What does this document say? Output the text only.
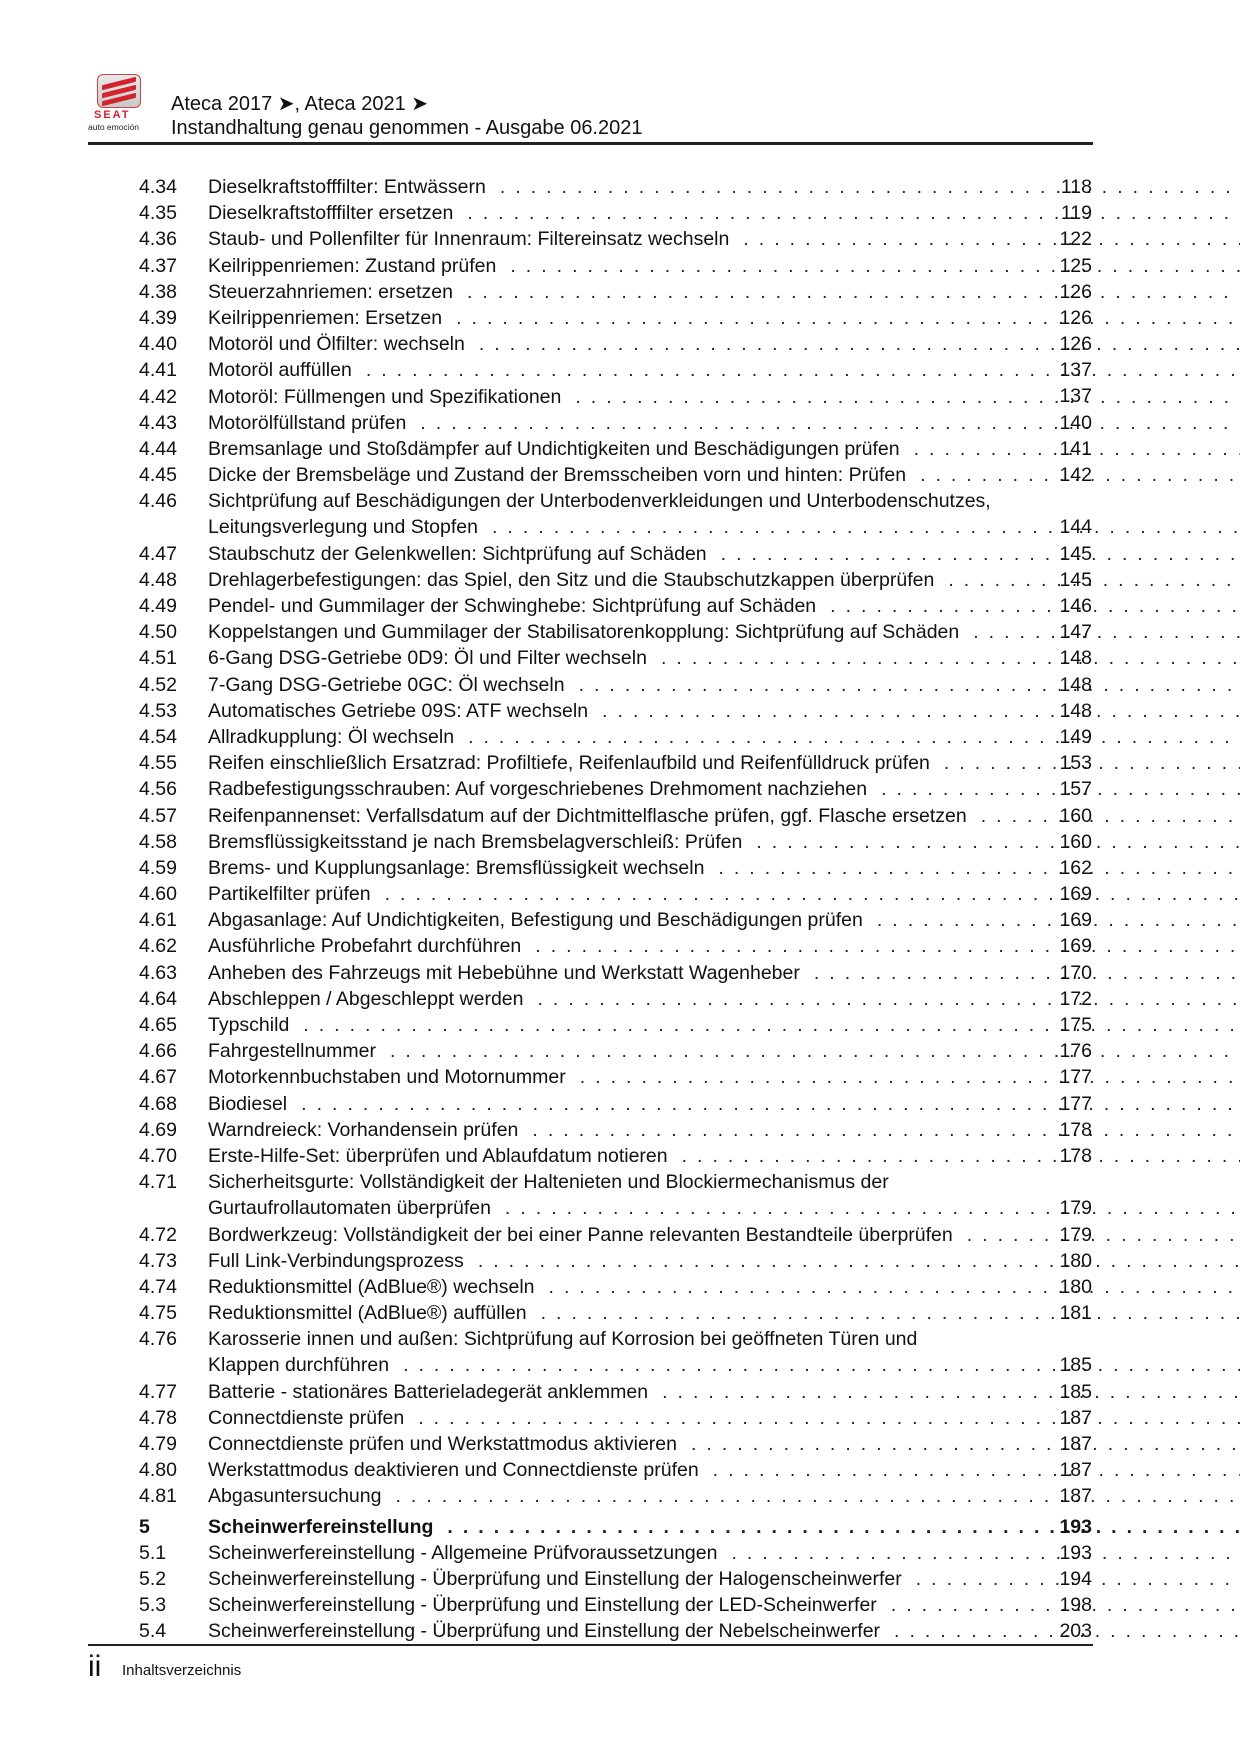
SEAT
auto emoción
Ateca 2017 ➤, Ateca 2021 ➤
Instandhaltung genau genommen - Ausgabe 06.2021
4.34 Dieselkraftstofffilter: Entwässern . . .	118
4.35 Dieselkraftstofffilter ersetzen . . .	119
4.36 Staub- und Pollenfilter für Innenraum: Filtereinsatz wechseln . . .	122
4.37 Keilrippenriemen: Zustand prüfen . . .	125
4.38 Steuerzahnriemen: ersetzen . . .	126
4.39 Keilrippenriemen: Ersetzen . . .	126
4.40 Motoröl und Ölfilter: wechseln . . .	126
4.41 Motoröl auffüllen . . .	137
4.42 Motoröl: Füllmengen und Spezifikationen . . .	137
4.43 Motorölfüllstand prüfen . . .	140
4.44 Bremsanlage und Stoßdämpfer auf Undichtigkeiten und Beschädigungen prüfen . . .	141
4.45 Dicke der Bremsbeläge und Zustand der Bremsscheiben vorn und hinten: Prüfen . . .	142
4.46 Sichtprüfung auf Beschädigungen der Unterbodenverkleidungen und Unterbodenschutzes,
Leitungsverlegung und Stopfen . . .	144
4.47 Staubschutz der Gelenkwellen: Sichtprüfung auf Schäden . . .	145
4.48 Drehlagerbefestigungen: das Spiel, den Sitz und die Staubschutzkappen überprüfen . . .	145
4.49 Pendel- und Gummilager der Schwinghebe: Sichtprüfung auf Schäden . . .	146
4.50 Koppelstangen und Gummilager der Stabilisatorenkopplung: Sichtprüfung auf Schäden . . .	147
4.51 6-Gang DSG-Getriebe 0D9: Öl und Filter wechseln . . .	148
4.52 7-Gang DSG-Getriebe 0GC: Öl wechseln . . .	148
4.53 Automatisches Getriebe 09S: ATF wechseln . . .	148
4.54 Allradkupplung: Öl wechseln . . .	149
4.55 Reifen einschließlich Ersatzrad: Profiltiefe, Reifenlaufbild und Reifenfülldruck prüfen . . .	153
4.56 Radbefestigungsschrauben: Auf vorgeschriebenes Drehmoment nachziehen . . .	157
4.57 Reifenpannenset: Verfallsdatum auf der Dichtmittelflasche prüfen, ggf. Flasche ersetzen . . .	160
4.58 Bremsflüssigkeitsstand je nach Bremsbelagverschleiß: Prüfen . . .	160
4.59 Brems- und Kupplungsanlage: Bremsflüssigkeit wechseln . . .	162
4.60 Partikelfilter prüfen . . .	169
4.61 Abgasanlage: Auf Undichtigkeiten, Befestigung und Beschädigungen prüfen . . .	169
4.62 Ausführliche Probefahrt durchführen . . .	169
4.63 Anheben des Fahrzeugs mit Hebebühne und Werkstatt Wagenheber . . .	170
4.64 Abschleppen / Abgeschleppt werden . . .	172
4.65 Typschild . . .	175
4.66 Fahrgestellnummer . . .	176
4.67 Motorkennbuchstaben und Motornummer . . .	177
4.68 Biodiesel . . .	177
4.69 Warndreieck: Vorhandensein prüfen . . .	178
4.70 Erste-Hilfe-Set: überprüfen und Ablaufdatum notieren . . .	178
4.71 Sicherheitsgurte: Vollständigkeit der Haltenieten und Blockiermechanismus der
Gurtaufrollautomaten überprüfen . . .	179
4.72 Bordwerkzeug: Vollständigkeit der bei einer Panne relevanten Bestandteile überprüfen . . .	179
4.73 Full Link-Verbindungsprozess . . .	180
4.74 Reduktionsmittel (AdBlue®) wechseln . . .	180
4.75 Reduktionsmittel (AdBlue®) auffüllen . . .	181
4.76 Karosserie innen und außen: Sichtprüfung auf Korrosion bei geöffneten Türen und
Klappen durchführen . . .	185
4.77 Batterie - stationäres Batterieladegerät anklemmen . . .	185
4.78 Connectdienste prüfen . . .	187
4.79 Connectdienste prüfen und Werkstattmodus aktivieren . . .	187
4.80 Werkstattmodus deaktivieren und Connectdienste prüfen . . .	187
4.81 Abgasuntersuchung . . .	187
5	Scheinwerfereinstellung . . .	193
5.1 Scheinwerfereinstellung - Allgemeine Prüfvoraussetzungen . . .	193
5.2 Scheinwerfereinstellung - Überprüfung und Einstellung der Halogenscheinwerfer . . .	194
5.3 Scheinwerfereinstellung - Überprüfung und Einstellung der LED-Scheinwerfer . . .	198
5.4 Scheinwerfereinstellung - Überprüfung und Einstellung der Nebelscheinwerfer . . .	203
ii Inhaltsverzeichnis
